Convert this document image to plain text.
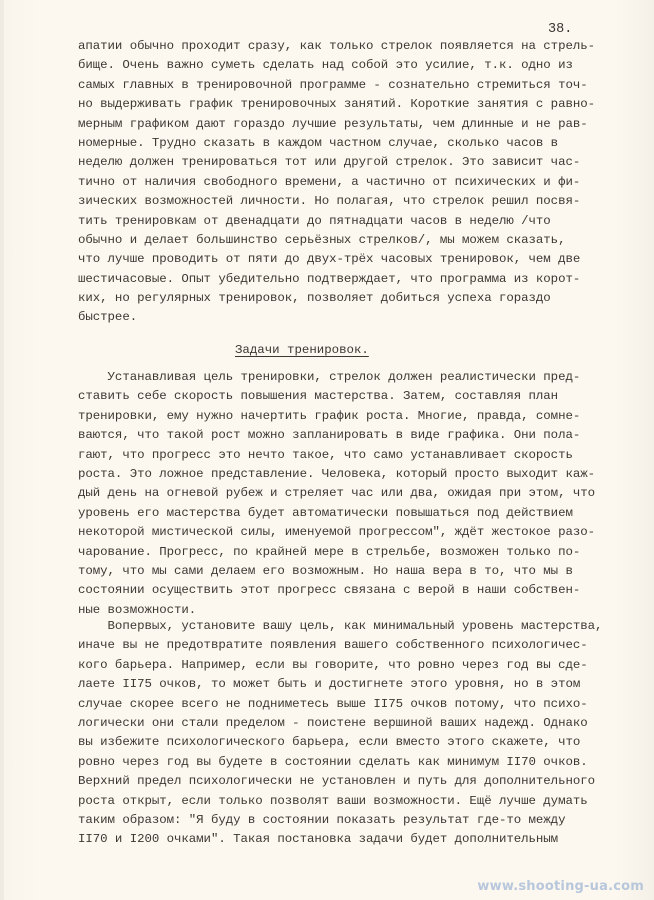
38.
апатии обычно проходит сразу, как только стрелок появляется на стрель-
бище. Очень важно суметь сделать над собой это усилие, т.к. одно из
самых главных в тренировочной программе - сознательно стремиться точ-
но выдерживать график тренировочных занятий. Короткие занятия с равно-
мерным графиком дают гораздо лучшие результаты, чем длинные и не рав-
номерные. Трудно сказать в каждом частном случае, сколько часов в
неделю должен тренироваться тот или другой стрелок. Это зависит час-
тично от наличия свободного времени, а частично от психических и фи-
зических возможностей личности. Но полагая, что стрелок решил посвя-
тить тренировкам от двенадцати до пятнадцати часов в неделю /что
обычно и делает большинство серьёзных стрелков/, мы можем сказать,
что лучше проводить от пяти до двух-трёх часовых тренировок, чем две
шестичасовые. Опыт убедительно подтверждает, что программа из корот-
ких, но регулярных тренировок, позволяет добиться успеха гораздо
быстрее.
Задачи тренировок.
Устанавливая цель тренировки, стрелок должен реалистически пред-
ставить себе скорость повышения мастерства. Затем, составляя план
тренировки, ему нужно начертить график роста. Многие, правда, сомне-
ваются, что такой рост можно запланировать в виде графика. Они пола-
гают, что прогресс это нечто такое, что само устанавливает скорость
роста. Это ложное представление. Человека, который просто выходит каж-
дый день на огневой рубеж и стреляет час или два, ожидая при этом, что
уровень его мастерства будет автоматически повышаться под действием
некоторой мистической силы, именуемой прогрессом", ждёт жестокое разо-
чарование. Прогресс, по крайней мере в стрельбе, возможен только по-
тому, что мы сами делаем его возможным. Но наша вера в то, что мы в
состоянии осуществить этот прогресс связана с верой в наши собствен-
ные возможности.
Вопервых, установите вашу цель, как минимальный уровень мастерства,
иначе вы не предотвратите появления вашего собственного психологичес-
кого барьера. Например, если вы говорите, что ровно через год вы сде-
лаете II75 очков, то может быть и достигнете этого уровня, но в этом
случае скорее всего не подниметесь выше II75 очков потому, что психо-
логически они стали пределом - поистене вершиной ваших надежд. Однако
вы избежите психологического барьера, если вместо этого скажете, что
ровно через год вы будете в состоянии сделать как минимум II70 очков.
Верхний предел психологически не установлен и путь для дополнительного
роста открыт, если только позволят ваши возможности. Ещё лучше думать
таким образом: "Я буду в состоянии показать результат где-то между
II70 и I200 очками". Такая постановка задачи будет дополнительным
www.shooting-ua.com
